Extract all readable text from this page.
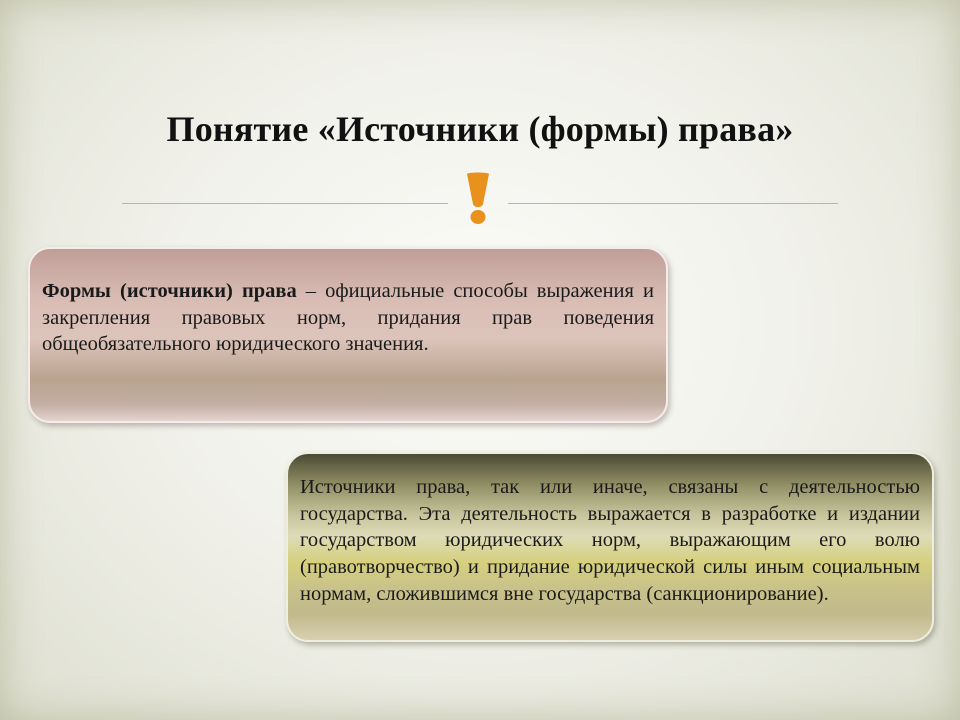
Понятие «Источники (формы) права»

Формы (источники) права – официальные способы выражения и закрепления правовых норм, придания прав поведения общеобязательного юридического значения.

Источники права, так или иначе, связаны с деятельностью государства. Эта деятельность выражается в разработке и издании государством юридических норм, выражающим его волю (правотворчество) и придание юридической силы иным социальным нормам, сложившимся вне государства (санкционирование).
